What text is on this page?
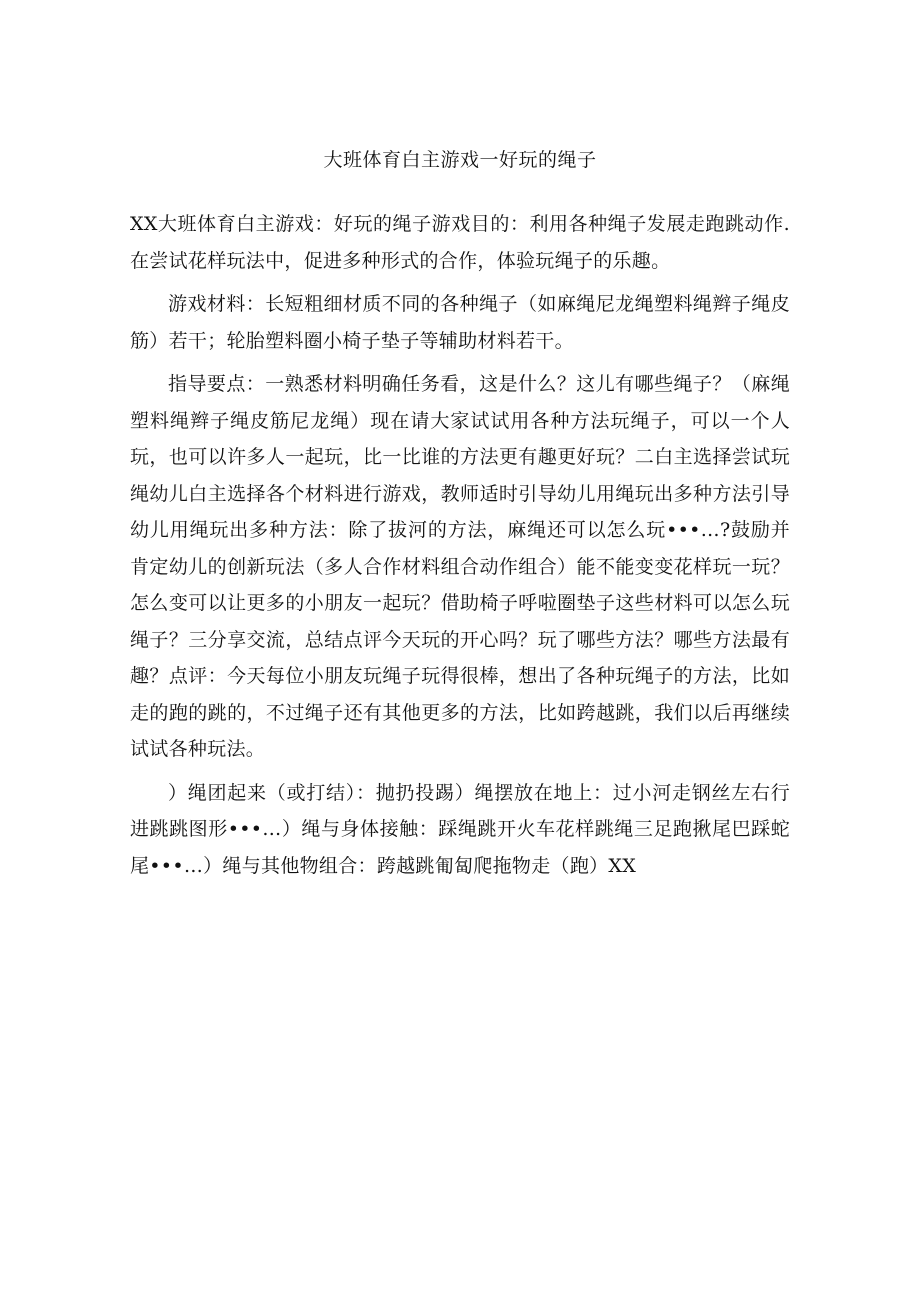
大班体育白主游戏一好玩的绳子

XX大班体育白主游戏：好玩的绳子游戏目的：利用各种绳子发展走跑跳动作.在尝试花样玩法中，促进多种形式的合作，体验玩绳子的乐趣。

游戏材料：长短粗细材质不同的各种绳子（如麻绳尼龙绳塑料绳辫子绳皮筋）若干；轮胎塑料圈小椅子垫子等辅助材料若干。

指导要点：一熟悉材料明确任务看，这是什么？这儿有哪些绳子？（麻绳塑料绳辫子绳皮筋尼龙绳）现在请大家试试用各种方法玩绳子，可以一个人玩，也可以许多人一起玩，比一比谁的方法更有趣更好玩？二白主选择尝试玩绳幼儿白主选择各个材料进行游戏，教师适时引导幼儿用绳玩出多种方法引导幼儿用绳玩出多种方法：除了拔河的方法，麻绳还可以怎么玩•••…?鼓励并肯定幼儿的创新玩法（多人合作材料组合动作组合）能不能变变花样玩一玩？怎么变可以让更多的小朋友一起玩？借助椅子呼啦圈垫子这些材料可以怎么玩绳子？三分享交流，总结点评今天玩的开心吗？玩了哪些方法？哪些方法最有趣？点评：今天每位小朋友玩绳子玩得很棒，想出了各种玩绳子的方法，比如走的跑的跳的，不过绳子还有其他更多的方法，比如跨越跳，我们以后再继续试试各种玩法。

）绳团起来（或打结）：抛扔投踢）绳摆放在地上：过小河走钢丝左右行进跳跳图形•••…）绳与身体接触：踩绳跳开火车花样跳绳三足跑揪尾巴踩蛇尾•••…）绳与其他物组合：跨越跳匍匐爬拖物走（跑）XX
